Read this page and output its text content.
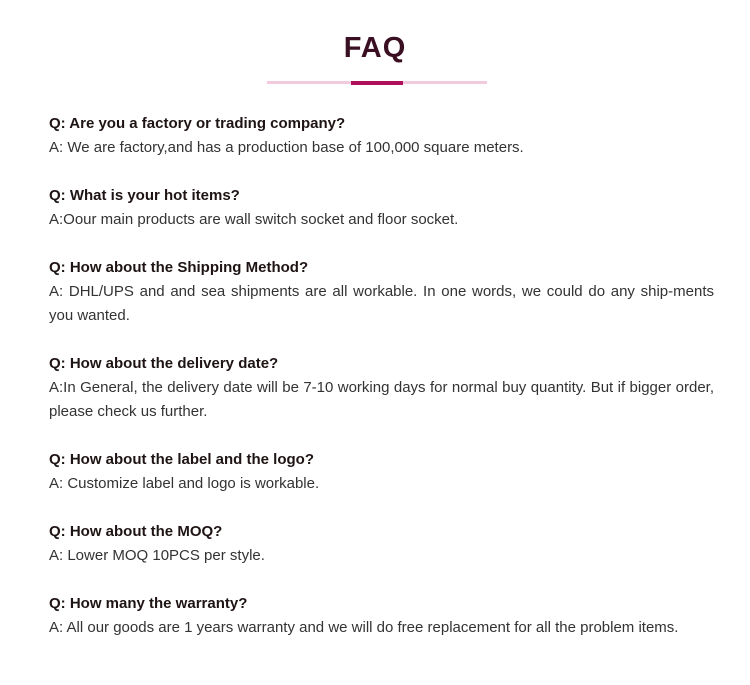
FAQ

Q: Are you a factory or trading company?

A: We are factory,and has a production base of 100,000 square meters.

Q: What is your hot items?

A:Oour main products are wall switch socket and floor socket.

Q: How about the Shipping Method?

A: DHL/UPS and and sea shipments are all workable. In one words, we could do any ship-ments you wanted.

Q: How about the delivery date?

A:In General, the delivery date will be 7-10 working days for normal buy quantity. But if bigger order, please check us further.

Q: How about the label and the logo?

A: Customize label and logo is workable.

Q: How about the MOQ?

A: Lower MOQ 10PCS per style.

Q: How many the warranty?

A: All our goods are 1 years warranty and we will do free replacement for all the problem items.
